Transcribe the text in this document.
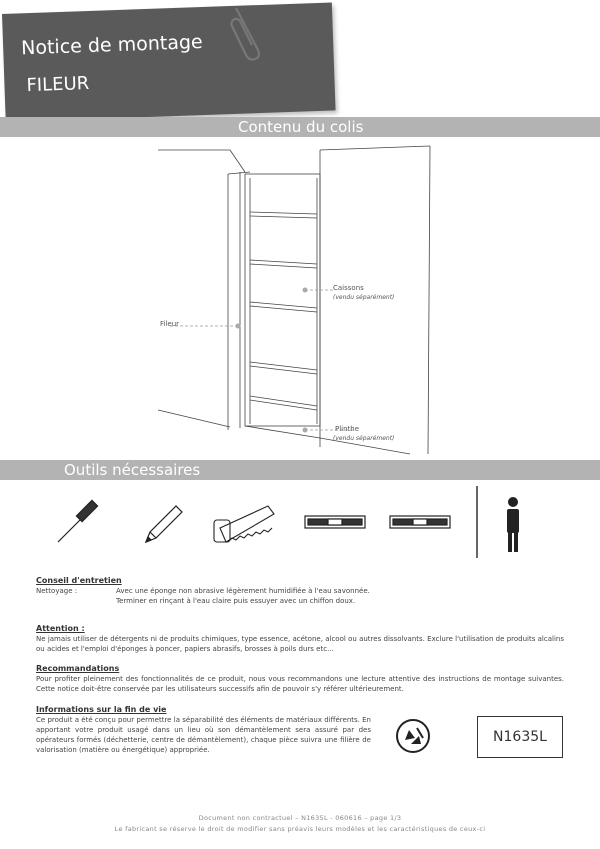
Notice de montage
FILEUR
Contenu du colis
Caissons
(vendu séparément)
Fileur
Plinthe
(vendu séparément)
Outils nécessaires
Conseil d'entretien
Nettoyage :	Avec une éponge non abrasive légèrement humidifiée à l'eau savonnée.
Terminer en rinçant à l'eau claire puis essuyer avec un chiffon doux.
Attention :
Ne jamais utiliser de détergents ni de produits chimiques, type essence, acétone, alcool ou autres dissolvants. Exclure l'utilisation de produits alcalins ou acides et l'emploi d'éponges à poncer, papiers abrasifs, brosses à poils durs etc...
Recommandations
Pour profiter pleinement des fonctionnalités de ce produit, nous vous recommandons une lecture attentive des instructions de montage suivantes. Cette notice doit-être conservée par les utilisateurs successifs afin de pouvoir s'y référer ultérieurement.
Informations sur la fin de vie
Ce produit a été conçu pour permettre la séparabilité des éléments de matériaux différents. En apportant votre produit usagé dans un lieu où son démantèlement sera assuré par des opérateurs formés (déchetterie, centre de démantèlement), chaque pièce suivra une filière de valorisation (matière ou énergétique) appropriée.
N1635L
Document non contractuel – N1635L - 060616 – page 1/3
Le fabricant se réserve le droit de modifier sans préavis leurs modèles et les caractéristiques de ceux-ci
